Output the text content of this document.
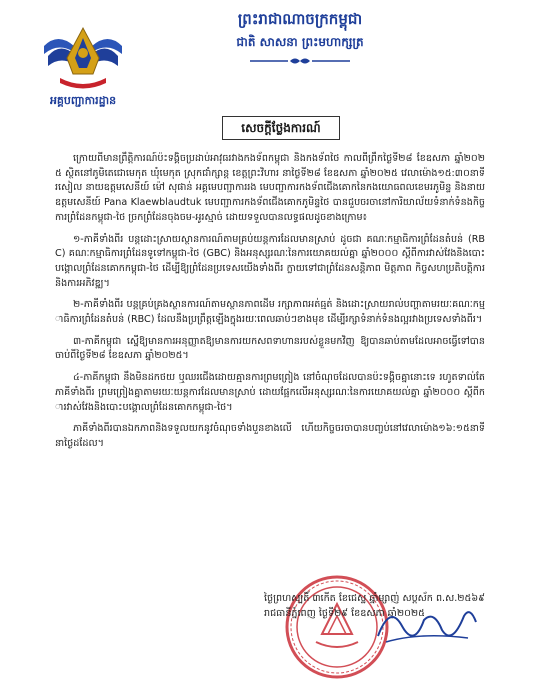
អគ្គបញ្ជាការដ្ឋាន
ព្រះរាជាណាចក្រកម្ពុជា
ជាតិ សាសនា ព្រះមហាក្សត្រ
សេចក្តីថ្លែងការណ៍

ក្រោយពីមានព្រឹត្តិការណ៍ប៉ះទង្គិចប្រដាប់អាវុធរវាងកងទ័ពកម្ពុជា និងកងទ័ពថៃ កាលពីព្រឹកថ្ងៃទី២៨ ខែឧសភា ឆ្នាំ២០២៥ ស្ថិតនៅភូមិតេជោមេកុត ឃុំមេកុត ស្រុកជាំក្សាន្ត ខេត្តព្រះវិហារ នាថ្ងៃទី២៨ ខែឧសភា ឆ្នាំ២០២៥ វេលាម៉ោង១៥:៣០នាទីរសៀល នាយឧត្តមសេនីយ៍ ម៉ៅ សុផាន់ អគ្គមេបញ្ជាការរង មេបញ្ជាការកងទ័ពជើងគោកនៃកងយោធពលខេមរភូមិន្ទ និងនាយឧត្តមសេនីយ៍ Pana Klaewblaudtuk មេបញ្ជាការកងទ័ពជើងគោកភូមិន្ទថៃ បានជួបចរចានៅការិយាល័យទំនាក់ទំនងកិច្ចការព្រំដែនកម្ពុជា-ថៃ ច្រកព្រំដែនចុងចម-អូរស្មាច់ ដោយទទួលបានលទ្ធផលដូចខាងក្រោម៖

១-ភាគីទាំងពីរ បន្តដោះស្រាយស្ថានការណ៍តាមគ្រប់យន្តការដែលមានស្រាប់ ដូចជា គណៈកម្មាធិការព្រំដែនតំបន់ (RBC) គណៈកម្មាធិការព្រំដែនទូទៅកម្ពុជា-ថៃ (GBC) និងអនុស្សរណៈនៃការយោគយល់គ្នា ឆ្នាំ២០០០ ស្តីពីការវាស់វែងនិងបោះបង្គោលព្រំដែនគោកកម្ពុជា-ថៃ ដើម្បីឱ្យព្រំដែនប្រទេសយើងទាំងពីរ ក្លាយទៅជាព្រំដែនសន្តិភាព មិត្តភាព កិច្ចសហប្រតិបត្តិការ និងការអភិវឌ្ឍ។

២-ភាគីទាំងពីរ បន្តគ្រប់គ្រងស្ថានការណ៍តាមស្ថានភាពដើម រក្សាភាពអត់ធ្មត់ និងដោះស្រាយរាល់បញ្ហាតាមរយៈគណៈកម្មាធិការព្រំដែនតំបន់ (RBC) ដែលនឹងប្រព្រឹត្តឡើងក្នុងរយៈពេលឆាប់ៗខាងមុខ ដើម្បីរក្សាទំនាក់ទំនងល្អរវាងប្រទេសទាំងពីរ។

៣-ភាគីកម្ពុជា ស្នើឱ្យមានការអនុញ្ញាតឱ្យមានការយកសពទាហានរបស់ខ្លួនមកវិញ ឱ្យបានឆាប់តាមដែលអាចធ្វើទៅបាន ចាប់ពីថ្ងៃទី២៨ ខែឧសភា ឆ្នាំ២០២៥។

៤-ភាគីកម្ពុជា នឹងមិនដកថយ ឬឈរជើងដោយគ្មានការព្រមព្រៀង នៅចំណុចដែលបានប៉ះទង្គិចគ្នានោះទេ រហូតទាល់តែភាគីទាំងពីរ ព្រមព្រៀងគ្នាតាមរយៈយន្តការដែលមានស្រាប់ ដោយផ្អែកលើអនុស្សរណៈនៃការយោគយល់គ្នា ឆ្នាំ២០០០ ស្តីពីការវាស់វែងនិងបោះបង្គោលព្រំដែនគោកកម្ពុជា-ថៃ។

ភាគីទាំងពីរបានឯកភាពនិងទទួលយកនូវចំណុចទាំងបួនខាងលើ ហើយកិច្ចចរចាបានបញ្ចប់នៅវេលាម៉ោង១៦:១៥នាទី នាថ្ងៃដដែល។

ថ្ងៃព្រហស្បតិ៍ ៣កើត ខែជេស្ឋ ឆ្នាំម្សាញ់ សប្តស័ក ព.ស.២៥៦៩
រាជធានីភ្នំពេញ ថ្ងៃទី២៩ ខែឧសភា ឆ្នាំ២០២៥
